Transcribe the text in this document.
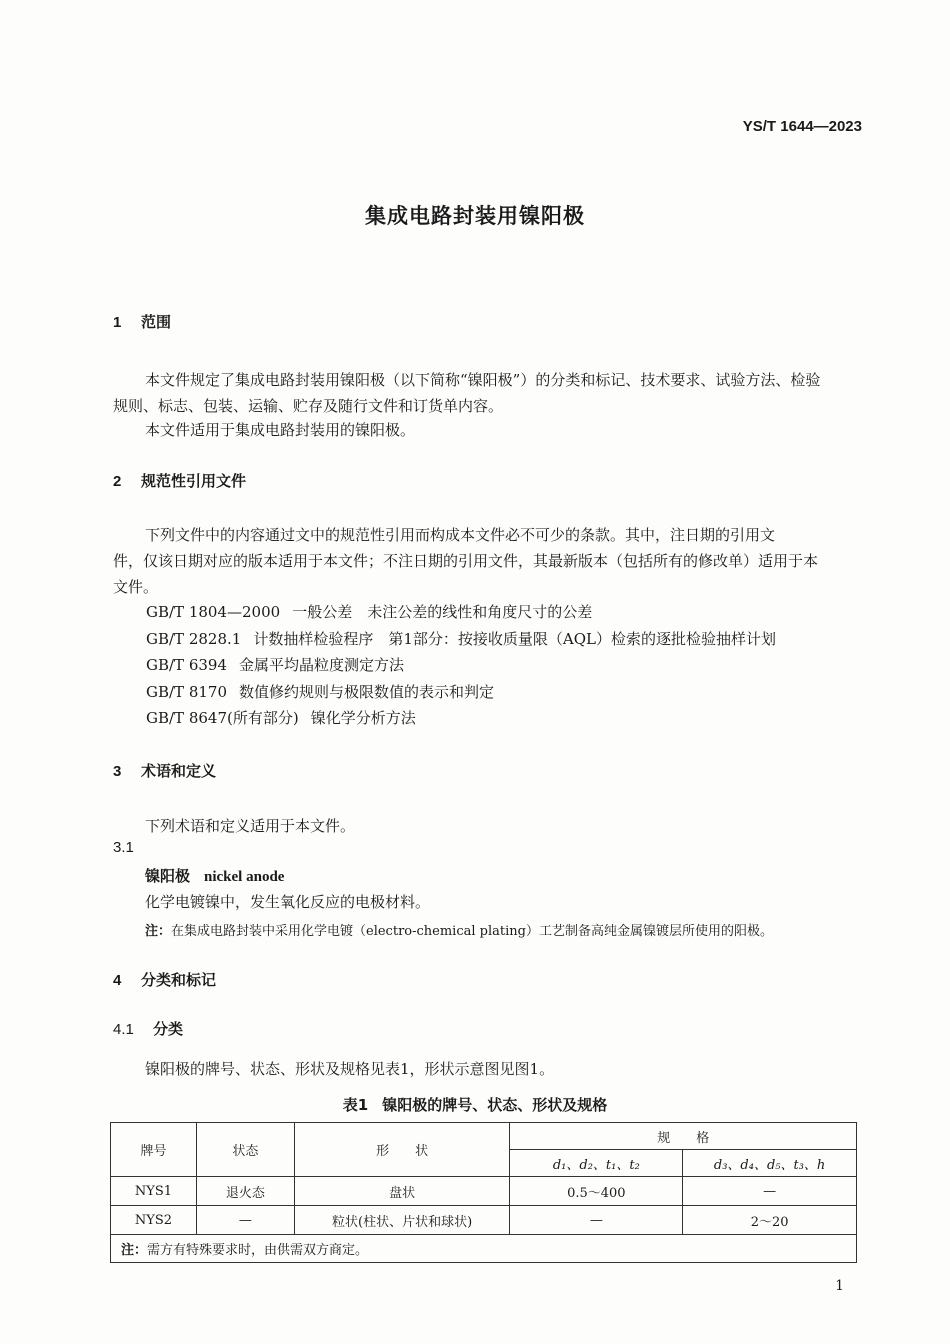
YS/T 1644—2023
集成电路封装用镍阳极
1 范围
本文件规定了集成电路封装用镍阳极（以下简称“镍阳极”）的分类和标记、技术要求、试验方法、检验
规则、标志、包装、运输、贮存及随行文件和订货单内容。
本文件适用于集成电路封装用的镍阳极。
2 规范性引用文件
下列文件中的内容通过文中的规范性引用而构成本文件必不可少的条款。其中，注日期的引用文
件，仅该日期对应的版本适用于本文件；不注日期的引用文件，其最新版本（包括所有的修改单）适用于本
文件。
GB/T 1804—2000 一般公差　未注公差的线性和角度尺寸的公差
GB/T 2828.1 计数抽样检验程序　第1部分：按接收质量限（AQL）检索的逐批检验抽样计划
GB/T 6394 金属平均晶粒度测定方法
GB/T 8170 数值修约规则与极限数值的表示和判定
GB/T 8647(所有部分) 镍化学分析方法
3 术语和定义
下列术语和定义适用于本文件。
3.1
镍阳极 nickel anode
化学电镀镍中，发生氧化反应的电极材料。
注：在集成电路封装中采用化学电镀（electro-chemical plating）工艺制备高纯金属镍镀层所使用的阳极。
4 分类和标记
4.1 分类
镍阳极的牌号、状态、形状及规格见表1，形状示意图见图1。
表1 镍阳极的牌号、状态、形状及规格
牌号	状态	形　　状	规　　格	
			d₁、d₂、t₁、t₂	d₃、d₄、d₅、t₃、h
NYS1	退火态	盘状	0.5～400	—
NYS2	—	粒状(柱状、片状和球状)	—	2～20
注：需方有特殊要求时，由供需双方商定。				
1
